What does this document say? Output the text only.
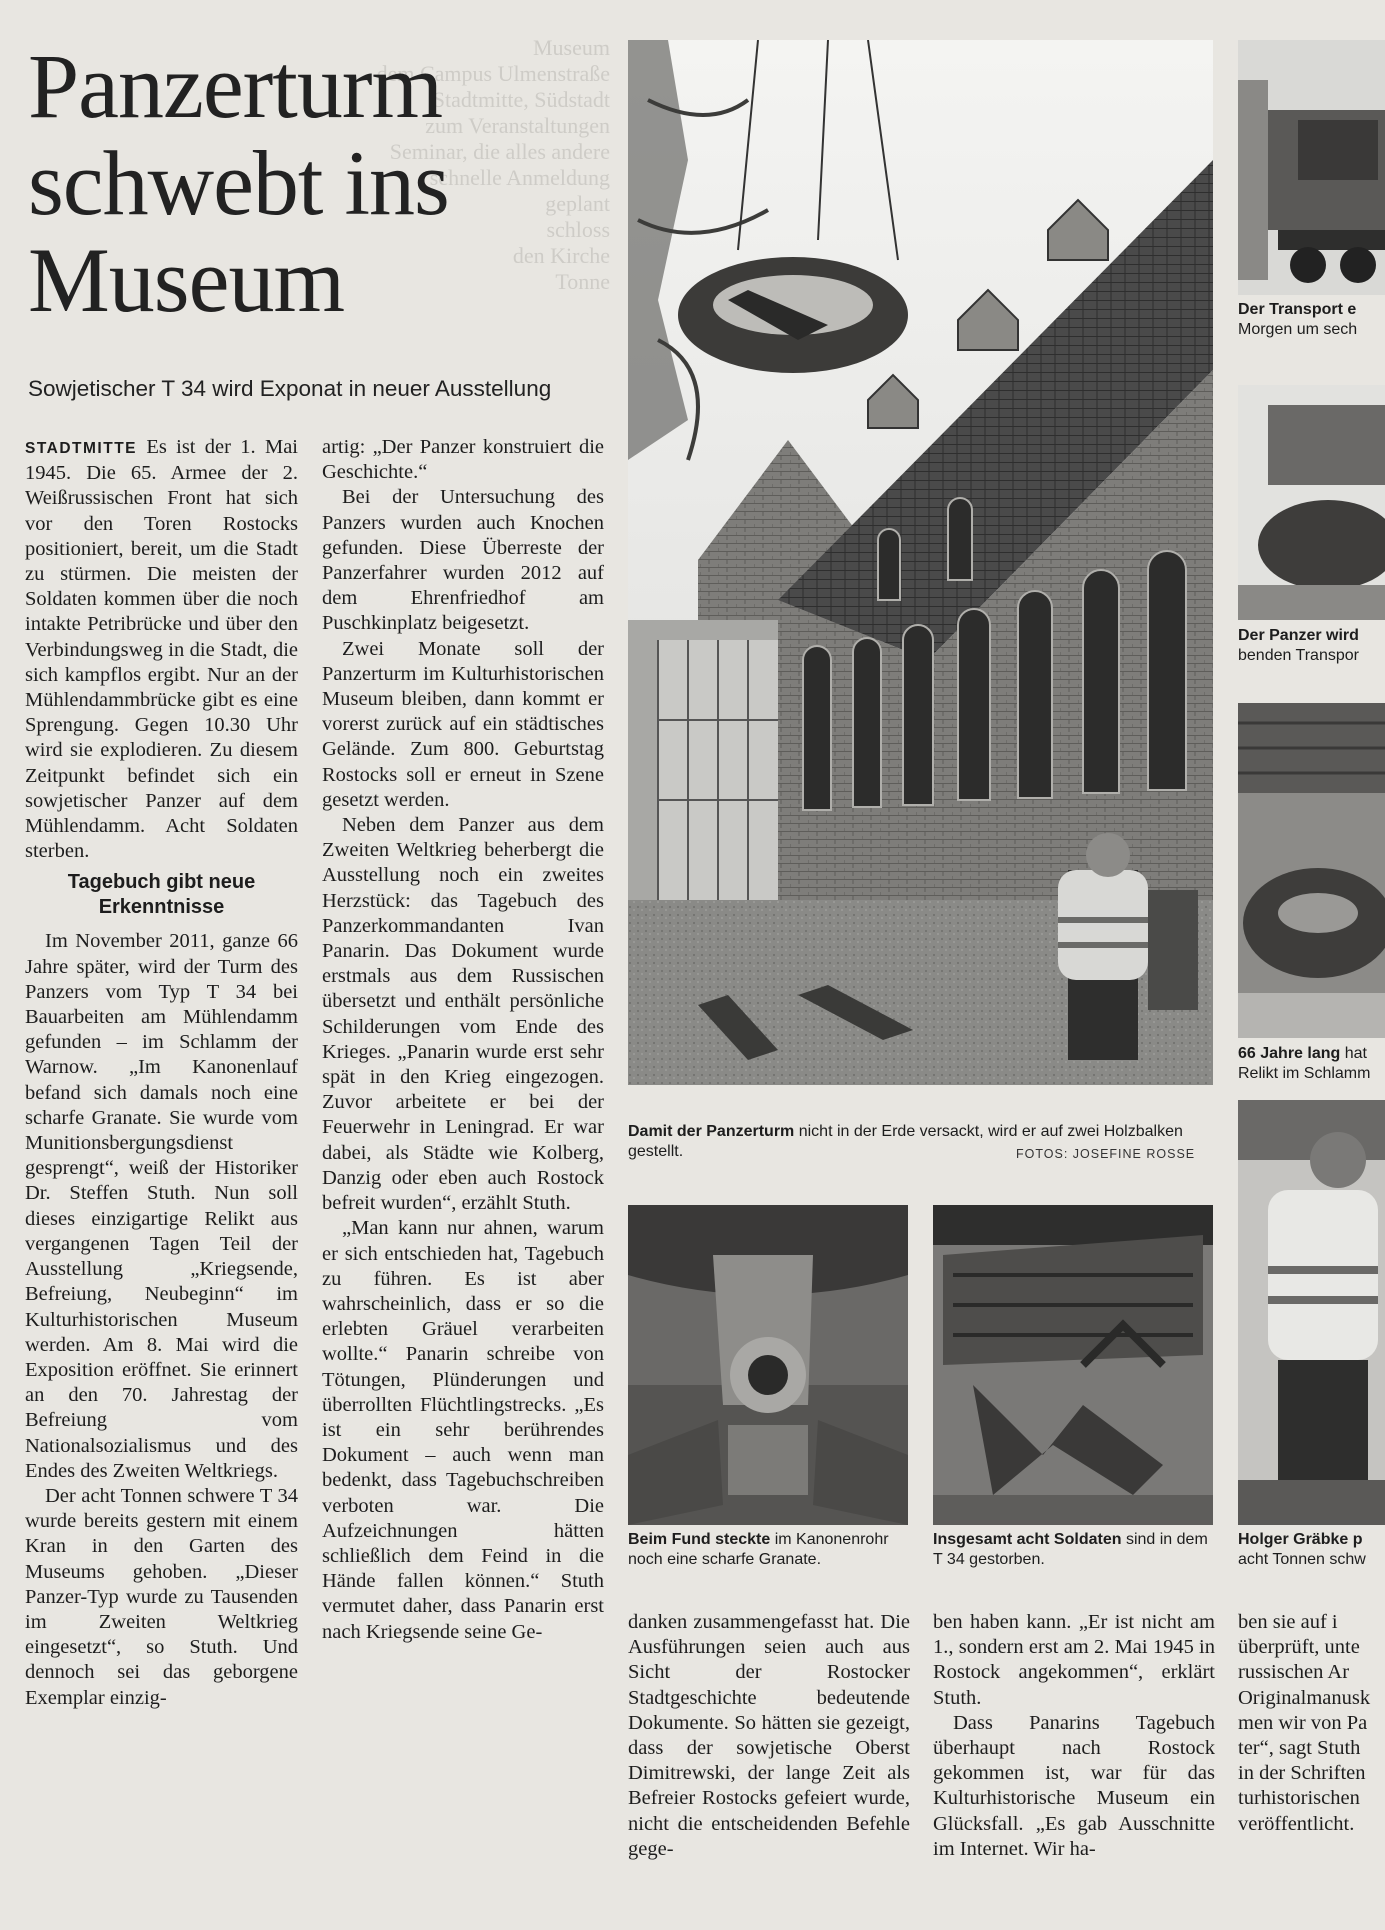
Museum
dem Campus Ulmenstraße
Stadtmitte, Südstadt
zum Veranstaltungen
Seminar, die alles andere
schnelle Anmeldung
geplant
schloss
den Kirche
Tonne
Panzerturm schwebt ins Museum
Sowjetischer T 34 wird Exponat in neuer Ausstellung

STADTMITTE Es ist der 1. Mai 1945. Die 65. Armee der 2. Weißrussischen Front hat sich vor den Toren Rostocks positioniert, bereit, um die Stadt zu stürmen. Die meisten der Soldaten kommen über die noch intakte Petribrücke und über den Verbindungsweg in die Stadt, die sich kampflos ergibt. Nur an der Mühlendammbrücke gibt es eine Sprengung. Gegen 10.30 Uhr wird sie explodieren. Zu diesem Zeitpunkt befindet sich ein sowjetischer Panzer auf dem Mühlendamm. Acht Soldaten sterben.

Tagebuch gibt neue Erkenntnisse

Im November 2011, ganze 66 Jahre später, wird der Turm des Panzers vom Typ T 34 bei Bauarbeiten am Mühlendamm gefunden – im Schlamm der Warnow. „Im Kanonenlauf befand sich damals noch eine scharfe Granate. Sie wurde vom Munitionsbergungsdienst gesprengt“, weiß der Historiker Dr. Steffen Stuth. Nun soll dieses einzigartige Relikt aus vergangenen Tagen Teil der Ausstellung „Kriegsende, Befreiung, Neubeginn“ im Kulturhistorischen Museum werden. Am 8. Mai wird die Exposition eröffnet. Sie erinnert an den 70. Jahrestag der Befreiung vom Nationalsozialismus und des Endes des Zweiten Weltkriegs.

Der acht Tonnen schwere T 34 wurde bereits gestern mit einem Kran in den Garten des Museums gehoben. „Dieser Panzer-Typ wurde zu Tausenden im Zweiten Weltkrieg eingesetzt“, so Stuth. Und dennoch sei das geborgene Exemplar einzig-

artig: „Der Panzer konstruiert die Geschichte.“

Bei der Untersuchung des Panzers wurden auch Knochen gefunden. Diese Überreste der Panzerfahrer wurden 2012 auf dem Ehrenfriedhof am Puschkinplatz beigesetzt.

Zwei Monate soll der Panzerturm im Kulturhistorischen Museum bleiben, dann kommt er vorerst zurück auf ein städtisches Gelände. Zum 800. Geburtstag Rostocks soll er erneut in Szene gesetzt werden.

Neben dem Panzer aus dem Zweiten Weltkrieg beherbergt die Ausstellung noch ein zweites Herzstück: das Tagebuch des Panzerkommandanten Ivan Panarin. Das Dokument wurde erstmals aus dem Russischen übersetzt und enthält persönliche Schilderungen vom Ende des Krieges. „Panarin wurde erst sehr spät in den Krieg eingezogen. Zuvor arbeitete er bei der Feuerwehr in Leningrad. Er war dabei, als Städte wie Kolberg, Danzig oder eben auch Rostock befreit wurden“, erzählt Stuth.

„Man kann nur ahnen, warum er sich entschieden hat, Tagebuch zu führen. Es ist aber wahrscheinlich, dass er so die erlebten Gräuel verarbeiten wollte.“ Panarin schreibe von Tötungen, Plünderungen und überrollten Flüchtlingstrecks. „Es ist ein sehr berührendes Dokument – auch wenn man bedenkt, dass Tagebuchschreiben verboten war. Die Aufzeichnungen hätten schließlich dem Feind in die Hände fallen können.“ Stuth vermutet daher, dass Panarin erst nach Kriegsende seine Ge-

Damit der Panzerturm nicht in der Erde versackt, wird er auf zwei Holzbalken gestellt.	FOTOS: JOSEFINE ROSSE
Beim Fund steckte im Kanonenrohr noch eine scharfe Granate.
Insgesamt acht Soldaten sind in dem T 34 gestorben.

danken zusammengefasst hat. Die Ausführungen seien auch aus Sicht der Rostocker Stadtgeschichte bedeutende Dokumente. So hätten sie gezeigt, dass der sowjetische Oberst Dimitrewski, der lange Zeit als Befreier Rostocks gefeiert wurde, nicht die entscheidenden Befehle gege-

ben haben kann. „Er ist nicht am 1., sondern erst am 2. Mai 1945 in Rostock angekommen“, erklärt Stuth.

Dass Panarins Tagebuch überhaupt nach Rostock gekommen ist, war für das Kulturhistorische Museum ein Glücksfall. „Es gab Ausschnitte im Internet. Wir ha-

Der Transport e
Morgen um sech
Der Panzer wird
benden Transpor
66 Jahre lang hat
Relikt im Schlamm
Holger Gräbke p
acht Tonnen schw
ben sie auf i
überprüft, unte
russischen Ar
Originalmanusk
men wir von Pa
ter“, sagt Stuth
in der Schriften
turhistorischen
veröffentlicht.
